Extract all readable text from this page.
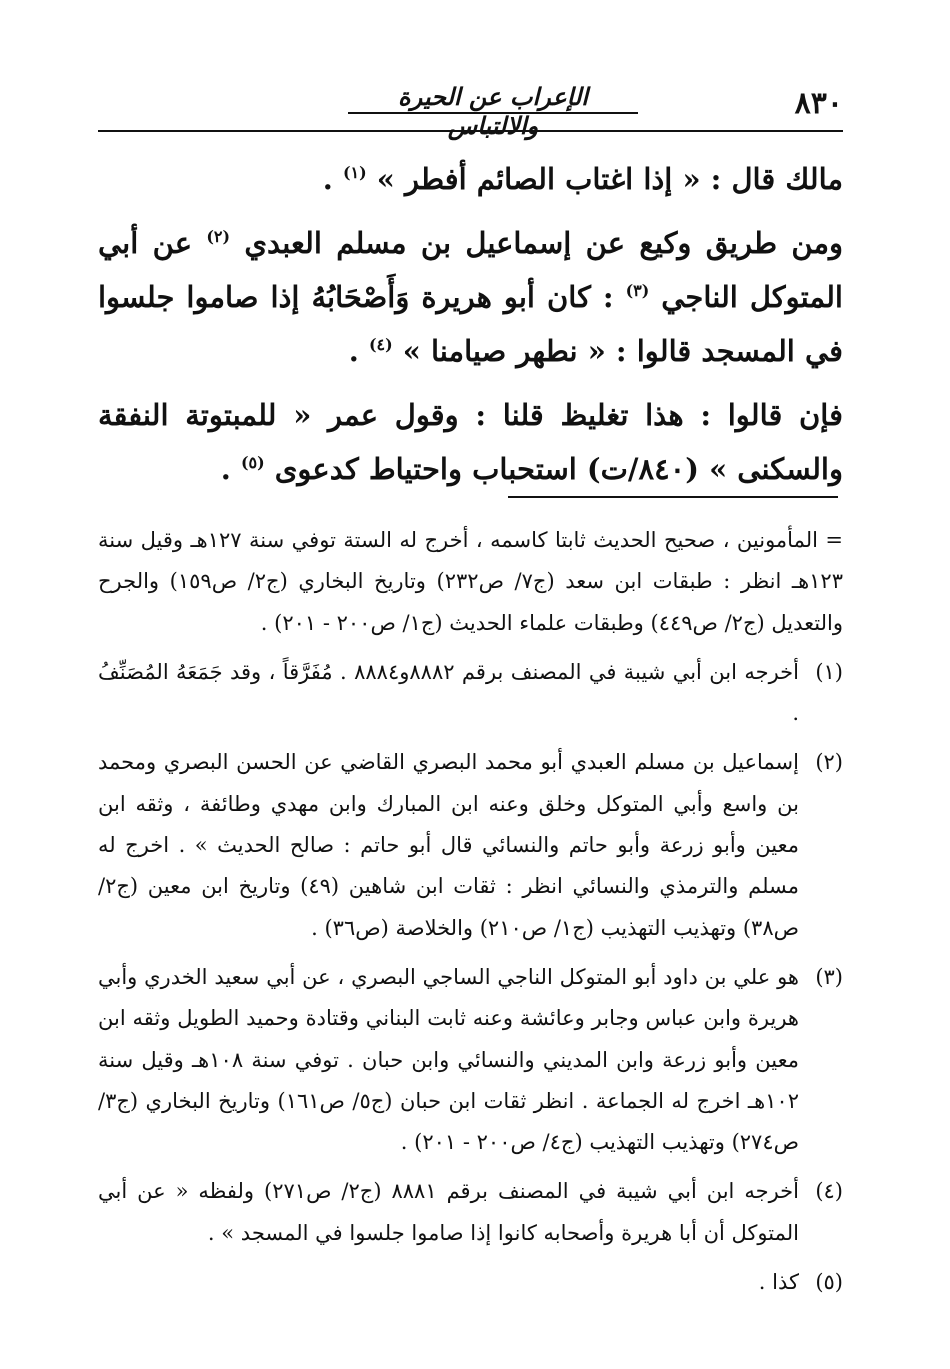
٨٣٠
الإعراب عن الحيرة والالتباس

مالك قال : « إذا اغتاب الصائم أفطر » $^{(١)}$ .

ومن طريق وكيع عن إسماعيل بن مسلم العبدي $^{(٢)}$ عن أبي المتوكل الناجي $^{(٣)}$ : كان أبو هريرة وَأَصْحَابُهُ إذا صاموا جلسوا في المسجد قالوا : « نطهر صيامنا » $^{(٤)}$ .

فإن قالوا : هذا تغليظ قلنا : وقول عمر « للمبتوتة النفقة والسكنى » (٨٤٠/ت) استحباب واحتياط كدعوى $^{(٥)}$ .

= المأمونين ، صحيح الحديث ثابتا كاسمه ، أخرج له الستة توفي سنة ١٢٧هـ وقيل سنة ١٢٣هـ انظر : طبقات ابن سعد (ج٧/ ص٢٣٢) وتاريخ البخاري (ج٢/ ص١٥٩) والجرح والتعديل (ج٢/ ص٤٤٩) وطبقات علماء الحديث (ج١/ ص٢٠٠ - ٢٠١) .
(١)
أخرجه ابن أبي شيبة في المصنف برقم ٨٨٨٢و٨٨٨٤ . مُفَرَّقاً ، وقد جَمَعَهُ المُصَنِّفُ .
(٢)
إسماعيل بن مسلم العبدي أبو محمد البصري القاضي عن الحسن البصري ومحمد بن واسع وأبي المتوكل وخلق وعنه ابن المبارك وابن مهدي وطائفة ، وثقه ابن معين وأبو زرعة وأبو حاتم والنسائي قال أبو حاتم : صالح الحديث » . اخرج له مسلم والترمذي والنسائي انظر : ثقات ابن شاهين (٤٩) وتاريخ ابن معين (ج٢/ ص٣٨) وتهذيب التهذيب (ج١/ ص٢١٠) والخلاصة (ص٣٦) .
(٣)
هو علي بن داود أبو المتوكل الناجي الساجي البصري ، عن أبي سعيد الخدري وأبي هريرة وابن عباس وجابر وعائشة وعنه ثابت البناني وقتادة وحميد الطويل وثقه ابن معين وأبو زرعة وابن المديني والنسائي وابن حبان . توفي سنة ١٠٨هـ وقيل سنة ١٠٢هـ اخرج له الجماعة . انظر ثقات ابن حبان (ج٥/ ص١٦١) وتاريخ البخاري (ج٣/ ص٢٧٤) وتهذيب التهذيب (ج٤/ ص٢٠٠ - ٢٠١) .
(٤)
أخرجه ابن أبي شيبة في المصنف برقم ٨٨٨١ (ج٢/ ص٢٧١) ولفظه « عن أبي المتوكل أن أبا هريرة وأصحابه كانوا إذا صاموا جلسوا في المسجد » .
(٥)
كذا .
